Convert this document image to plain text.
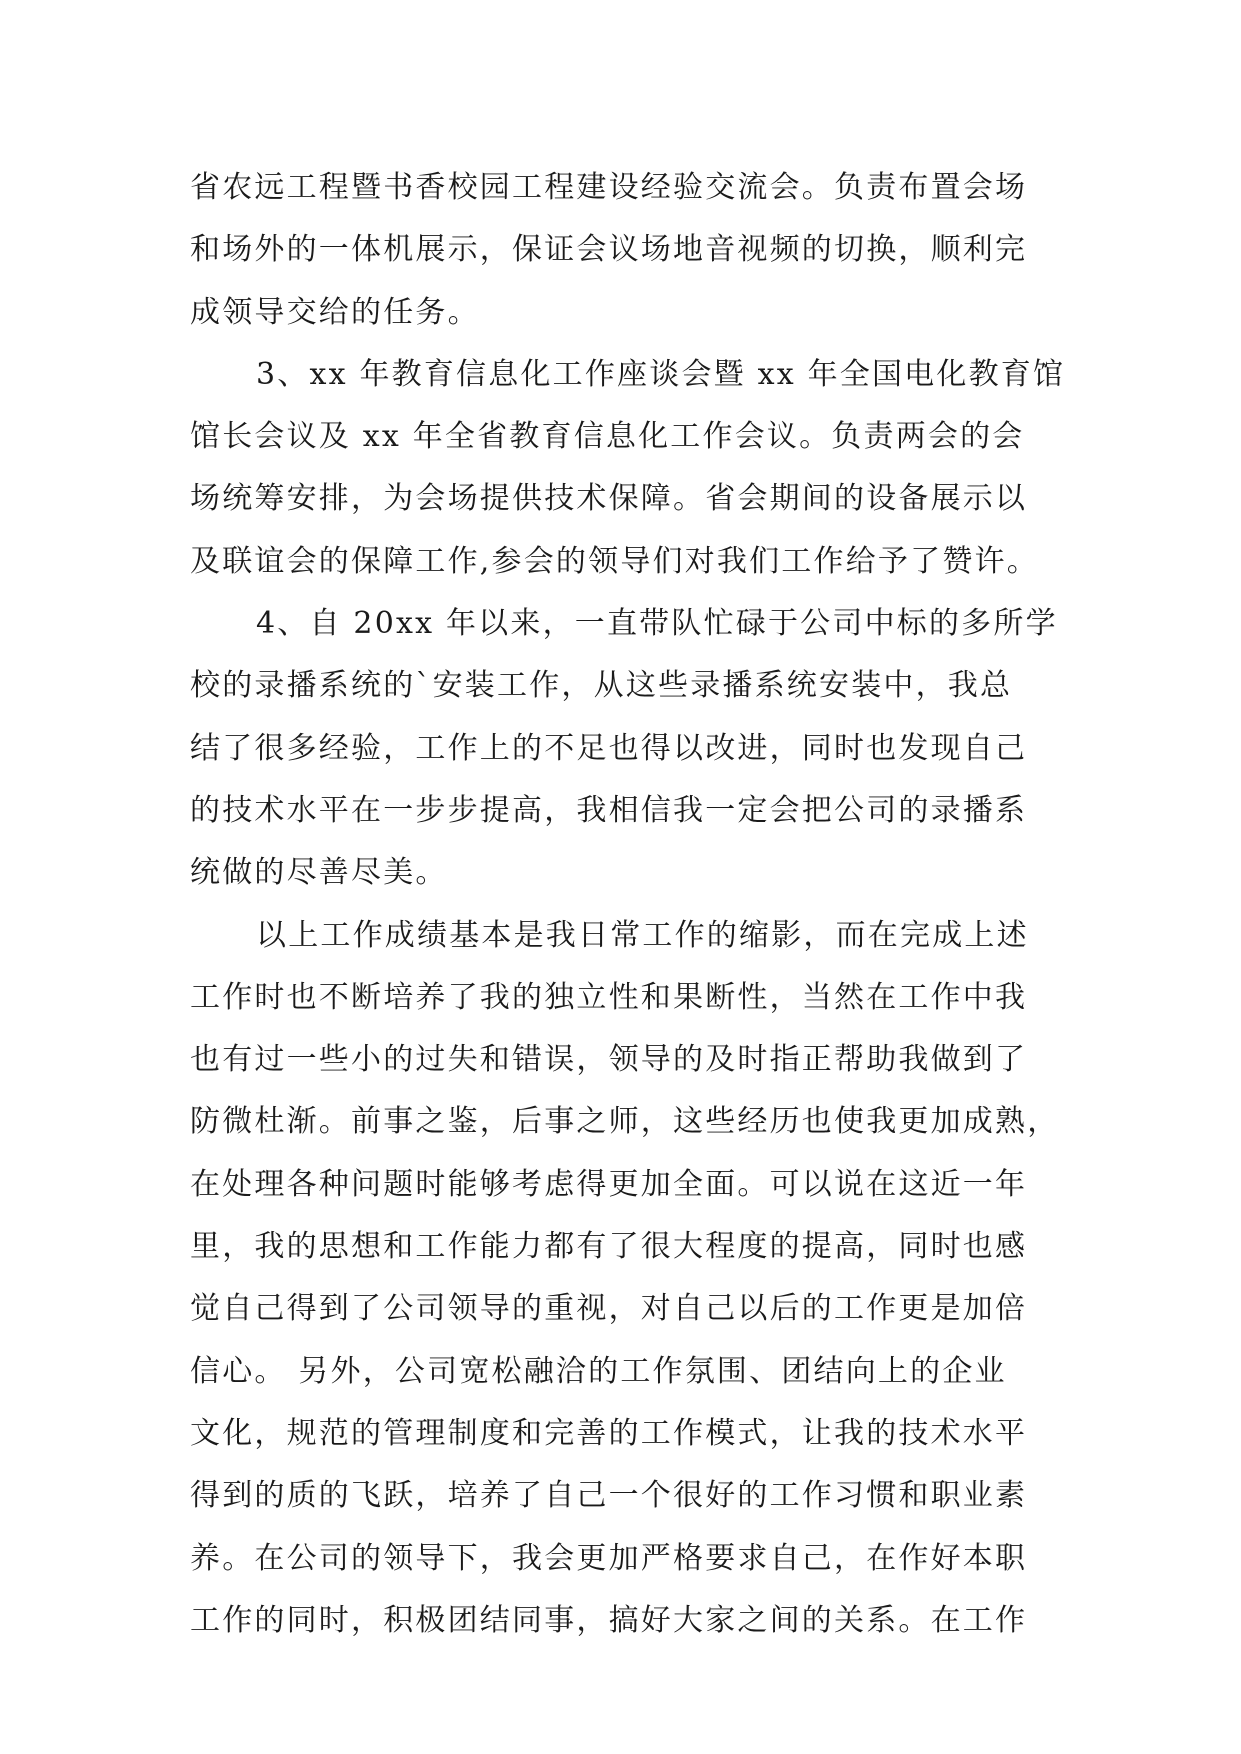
省农远工程暨书香校园工程建设经验交流会。负责布置会场
和场外的一体机展示，保证会议场地音视频的切换，顺利完
成领导交给的任务。
3、xx 年教育信息化工作座谈会暨 xx 年全国电化教育馆
馆长会议及 xx 年全省教育信息化工作会议。负责两会的会
场统筹安排，为会场提供技术保障。省会期间的设备展示以
及联谊会的保障工作,参会的领导们对我们工作给予了赞许。
4、自 20xx 年以来，一直带队忙碌于公司中标的多所学
校的录播系统的`安装工作，从这些录播系统安装中，我总
结了很多经验，工作上的不足也得以改进，同时也发现自己
的技术水平在一步步提高，我相信我一定会把公司的录播系
统做的尽善尽美。
以上工作成绩基本是我日常工作的缩影，而在完成上述
工作时也不断培养了我的独立性和果断性，当然在工作中我
也有过一些小的过失和错误，领导的及时指正帮助我做到了
防微杜渐。前事之鉴，后事之师，这些经历也使我更加成熟，
在处理各种问题时能够考虑得更加全面。可以说在这近一年
里，我的思想和工作能力都有了很大程度的提高，同时也感
觉自己得到了公司领导的重视，对自己以后的工作更是加倍
信心。 另外，公司宽松融洽的工作氛围、团结向上的企业
文化，规范的管理制度和完善的工作模式，让我的技术水平
得到的质的飞跃，培养了自己一个很好的工作习惯和职业素
养。在公司的领导下，我会更加严格要求自己，在作好本职
工作的同时，积极团结同事，搞好大家之间的关系。在工作
